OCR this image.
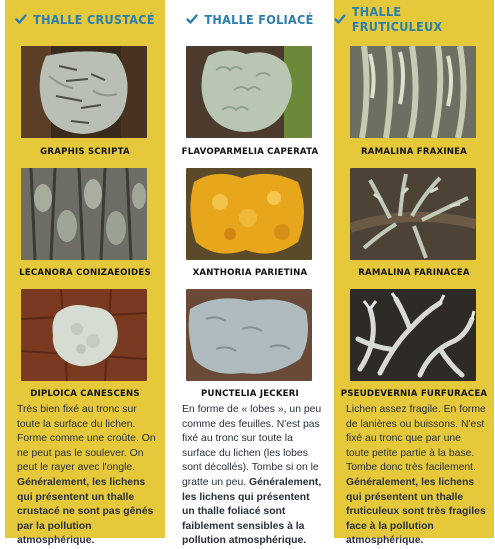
THALLE CRUSTACÉ
GRAPHIS SCRIPTA
LECANORA CONIZAEOIDES
DIPLOICA CANESCENS
Très bien fixé au tronc sur toute la surface du lichen. Forme comme une croûte. On ne peut pas le soulever. On peut le rayer avec l'ongle. Généralement, les lichens qui présentent un thalle crustacé ne sont pas gênés par la pollution atmosphérique.
THALLE FOLIACÉ
FLAVOPARMELIA CAPERATA
XANTHORIA PARIETINA
PUNCTELIA JECKERI
En forme de « lobes », un peu comme des feuilles. N'est pas fixé au tronc sur toute la surface du lichen (les lobes sont décollés). Tombe si on le gratte un peu. Généralement, les lichens qui présentent un thalle foliacé sont faiblement sensibles à la pollution atmosphérique.
THALLE FRUTICULEUX
RAMALINA FRAXINEA
RAMALINA FARINACEA
PSEUDEVERNIA FURFURACEA
Lichen assez fragile. En forme de lanières ou buissons. N'est fixé au tronc que par une toute petite partie à la base. Tombe donc très facilement. Généralement, les lichens qui présentent un thalle fruticuleux sont très fragiles face à la pollution atmosphérique.
